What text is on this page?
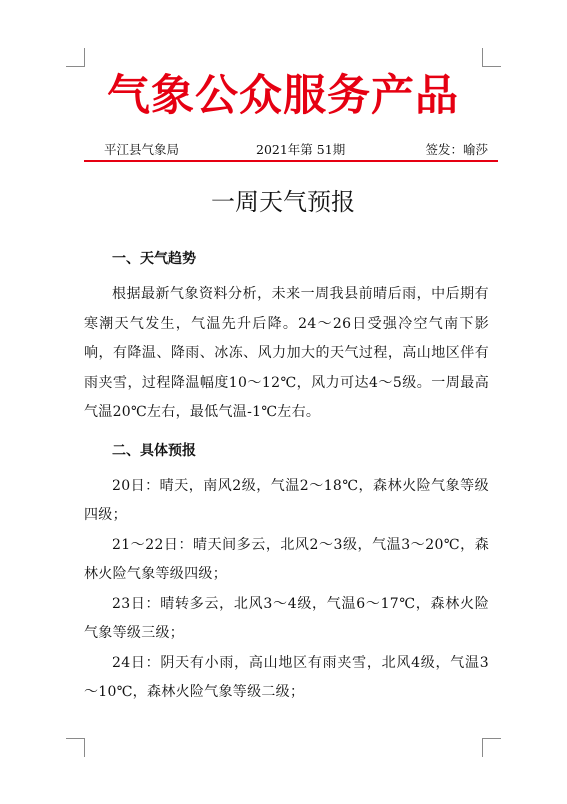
气象公众服务产品
平江县气象局	2021年第 51期	签发：喻莎
一周天气预报
一、天气趋势

根据最新气象资料分析，未来一周我县前晴后雨，中后期有寒潮天气发生，气温先升后降。24～26日受强冷空气南下影响，有降温、降雨、冰冻、风力加大的天气过程，高山地区伴有雨夹雪，过程降温幅度10～12℃，风力可达4～5级。一周最高气温20℃左右，最低气温-1℃左右。

二、具体预报

20日：晴天，南风2级，气温2～18℃，森林火险气象等级四级；

21～22日：晴天间多云，北风2～3级，气温3～20℃，森林火险气象等级四级；

23日：晴转多云，北风3～4级，气温6～17℃，森林火险气象等级三级；

24日：阴天有小雨，高山地区有雨夹雪，北风4级，气温3～10℃，森林火险气象等级二级；
